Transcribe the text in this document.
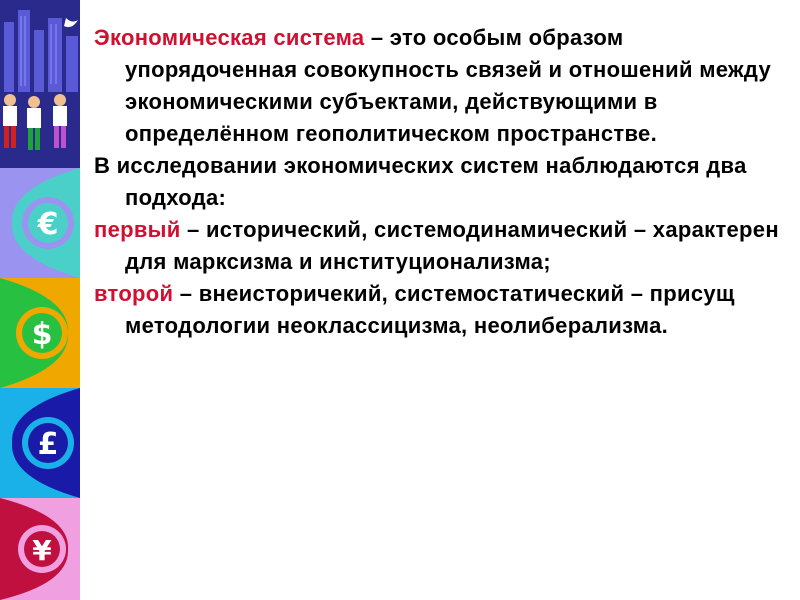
€
$
£
¥

Экономическая система – это особым образом упорядоченная совокупность связей и отношений между экономическими субъектами, действующими в определённом геополитическом пространстве.

В исследовании экономических систем наблюдаются два подхода:

первый – исторический, системодинамический – характерен для марксизма и институционализма;

второй – внеисторичекий, системостатический – присущ методологии неоклассицизма, неолиберализма.
